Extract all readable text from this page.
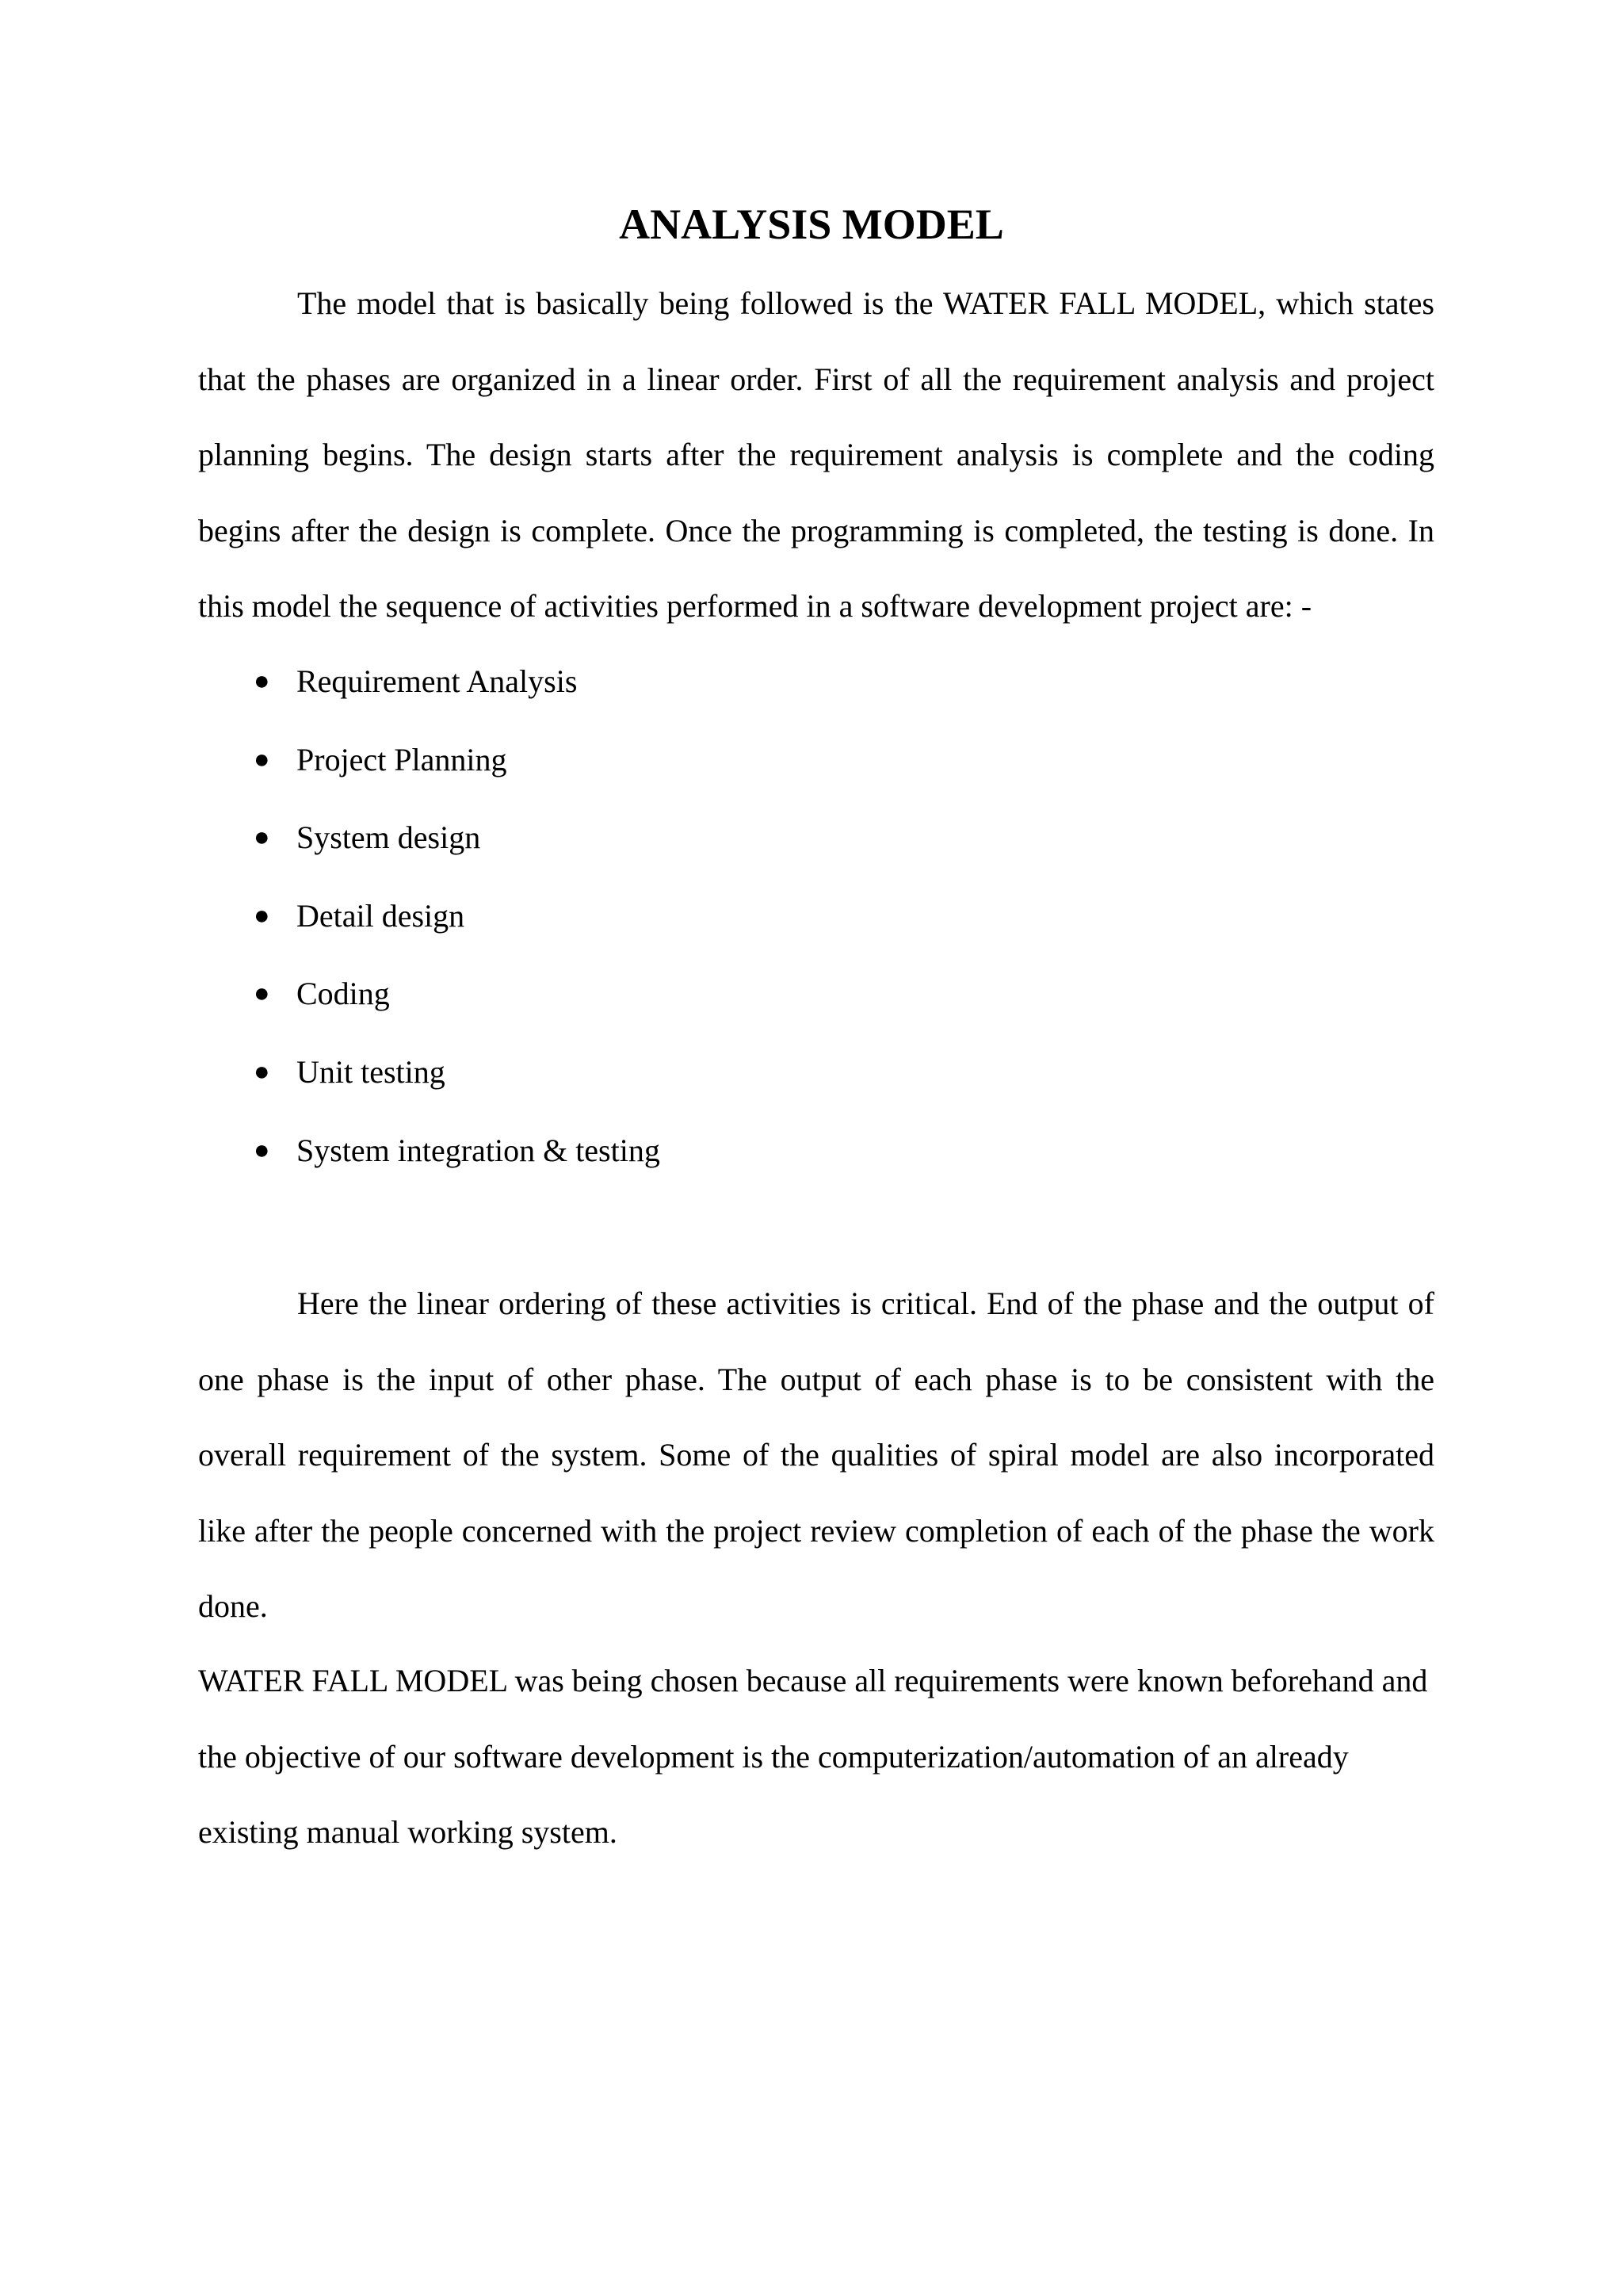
ANALYSIS MODEL

The model that is basically being followed is the WATER FALL MODEL, which states that the phases are organized in a linear order. First of all the requirement analysis and project planning begins. The design starts after the requirement analysis is complete and the coding begins after the design is complete. Once the programming is completed, the testing is done. In this model the sequence of activities performed in a software development project are: -

● Requirement Analysis
● Project Planning
● System design
● Detail design
● Coding
● Unit testing
● System integration & testing

Here the linear ordering of these activities is critical. End of the phase and the output of one phase is the input of other phase. The output of each phase is to be consistent with the overall requirement of the system. Some of the qualities of spiral model are also incorporated like after the people concerned with the project review completion of each of the phase the work done.

WATER FALL MODEL was being chosen because all requirements were known beforehand and the objective of our software development is the computerization/automation of an already existing manual working system.
